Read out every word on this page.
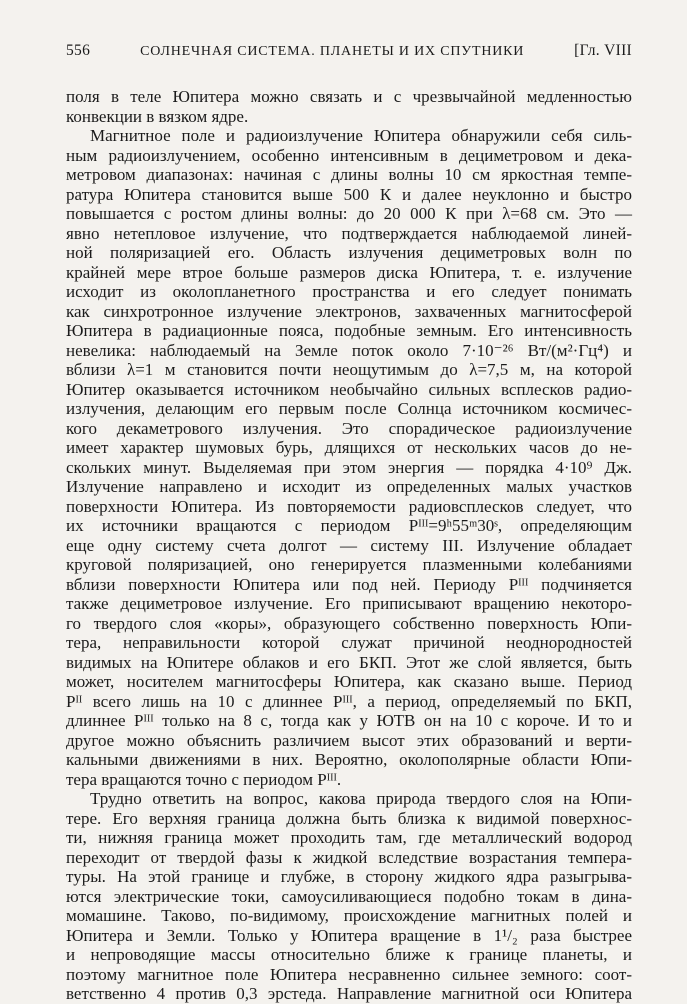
556	СОЛНЕЧНАЯ СИСТЕМА. ПЛАНЕТЫ И ИХ СПУТНИКИ	[Гл. VIII
поля в теле Юпитера можно связать и с чрезвычайной медленностью
конвекции в вязком ядре.
Магнитное поле и радиоизлучение Юпитера обнаружили себя силь-
ным радиоизлучением, особенно интенсивным в дециметровом и дека-
метровом диапазонах: начиная с длины волны 10 см яркостная темпе-
ратура Юпитера становится выше 500 К и далее неуклонно и быстро
повышается с ростом длины волны: до 20 000 К при λ=68 см. Это —
явно нетепловое излучение, что подтверждается наблюдаемой линей-
ной поляризацией его. Область излучения дециметровых волн по
крайней мере втрое больше размеров диска Юпитера, т. е. излучение
исходит из околопланетного пространства и его следует понимать
как синхротронное излучение электронов, захваченных магнитосферой
Юпитера в радиационные пояса, подобные земным. Его интенсивность
невелика: наблюдаемый на Земле поток около 7·10⁻²⁶ Вт/(м²·Гц⁴) и
вблизи λ=1 м становится почти неощутимым до λ=7,5 м, на которой
Юпитер оказывается источником необычайно сильных всплесков радио-
излучения, делающим его первым после Солнца источником космичес-
кого декаметрового излучения. Это спорадическое радиоизлучение
имеет характер шумовых бурь, длящихся от нескольких часов до не-
скольких минут. Выделяемая при этом энергия — порядка 4·10⁹ Дж.
Излучение направлено и исходит из определенных малых участков
поверхности Юпитера. Из повторяемости радиовсплесков следует, что
их источники вращаются с периодом Pᴵᴵᴵ=9ʰ55ᵐ30ˢ, определяющим
еще одну систему счета долгот — систему III. Излучение обладает
круговой поляризацией, оно генерируется плазменными колебаниями
вблизи поверхности Юпитера или под ней. Периоду Pᴵᴵᴵ подчиняется
также дециметровое излучение. Его приписывают вращению некоторо-
го твердого слоя «коры», образующего собственно поверхность Юпи-
тера, неправильности которой служат причиной неоднородностей
видимых на Юпитере облаков и его БКП. Этот же слой является, быть
может, носителем магнитосферы Юпитера, как сказано выше. Период
Pᴵᴵ всего лишь на 10 с длиннее Pᴵᴵᴵ, а период, определяемый по БКП,
длиннее Pᴵᴵᴵ только на 8 с, тогда как у ЮТВ он на 10 с короче. И то и
другое можно объяснить различием высот этих образований и верти-
кальными движениями в них. Вероятно, околополярные области Юпи-
тера вращаются точно с периодом Pᴵᴵᴵ.
Трудно ответить на вопрос, какова природа твердого слоя на Юпи-
тере. Его верхняя граница должна быть близка к видимой поверхнос-
ти, нижняя граница может проходить там, где металлический водород
переходит от твердой фазы к жидкой вследствие возрастания темпера-
туры. На этой границе и глубже, в сторону жидкого ядра разыгрыва-
ются электрические токи, самоусиливающиеся подобно токам в дина-
момашине. Таково, по-видимому, происхождение магнитных полей и
Юпитера и Земли. Только у Юпитера вращение в 1¹/₂ раза быстрее
и непроводящие массы относительно ближе к границе планеты, и
поэтому магнитное поле Юпитера несравненно сильнее земного: соот-
ветственно 4 против 0,3 эрстеда. Направление магнитной оси Юпитера
